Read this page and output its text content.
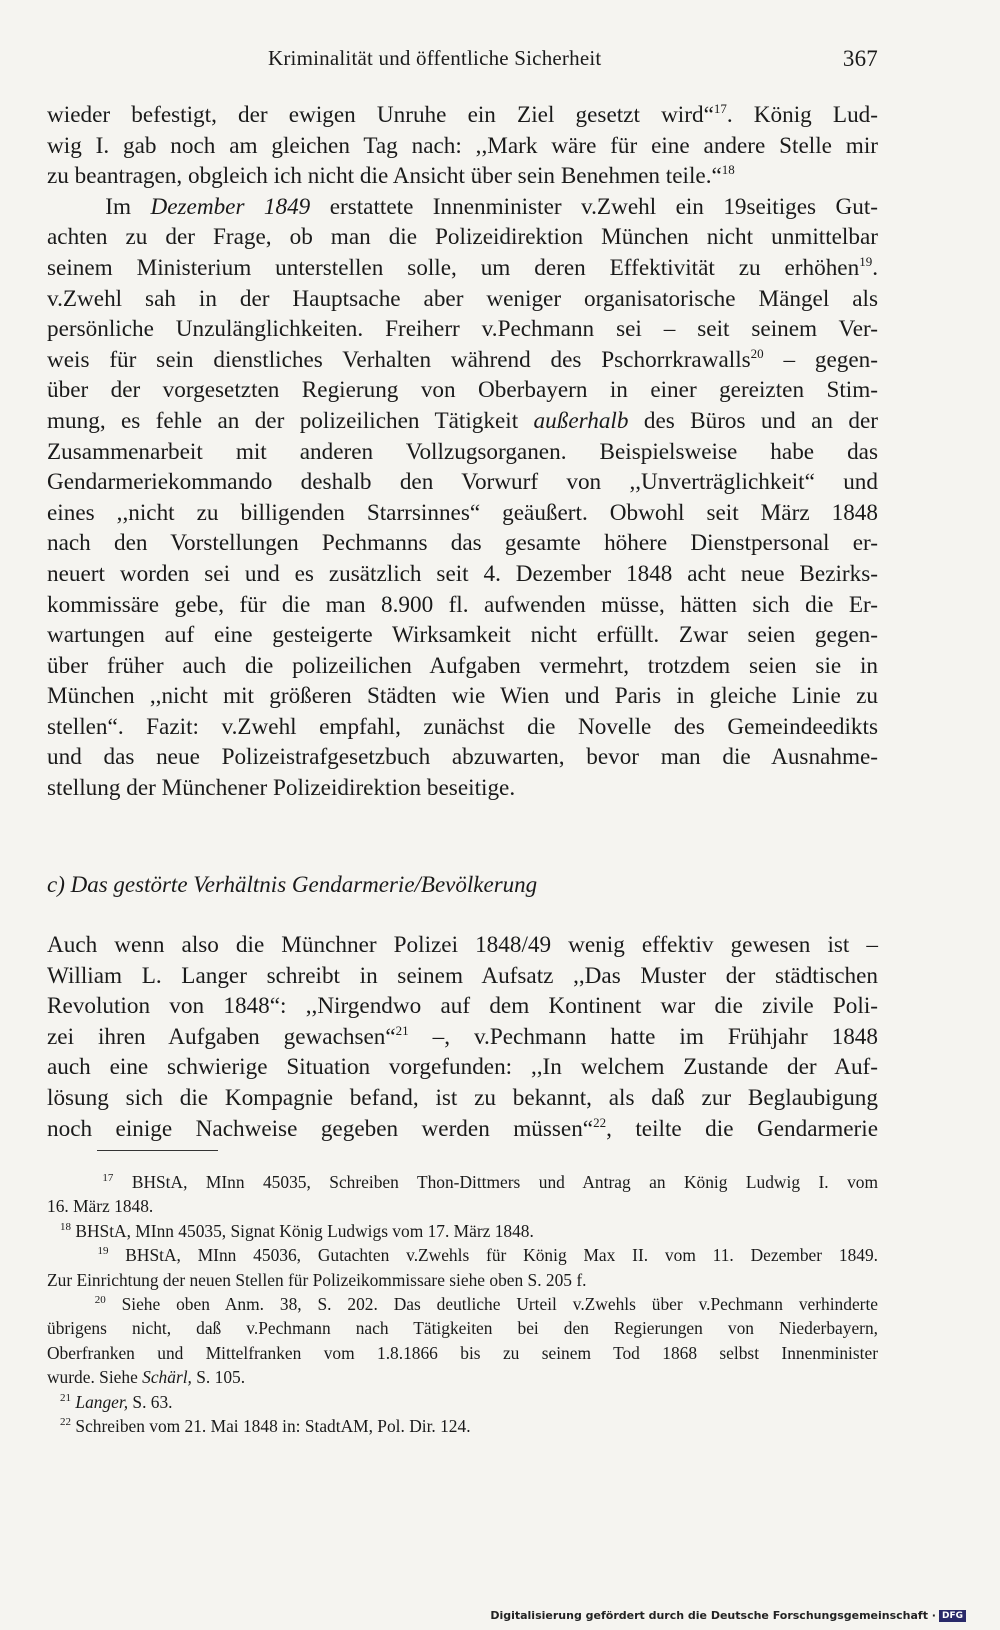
Kriminalität und öffentliche Sicherheit	367
wieder befestigt, der ewigen Unruhe ein Ziel gesetzt wird“$^{17}$. König Lud-
wig I. gab noch am gleichen Tag nach: ,,Mark wäre für eine andere Stelle mir
zu beantragen, obgleich ich nicht die Ansicht über sein Benehmen teile.“$^{18}$
Im Dezember 1849 erstattete Innenminister v.Zwehl ein 19seitiges Gut-
achten zu der Frage, ob man die Polizeidirektion München nicht unmittelbar
seinem Ministerium unterstellen solle, um deren Effektivität zu erhöhen$^{19}$.
v.Zwehl sah in der Hauptsache aber weniger organisatorische Mängel als
persönliche Unzulänglichkeiten. Freiherr v.Pechmann sei – seit seinem Ver-
weis für sein dienstliches Verhalten während des Pschorrkrawalls$^{20}$ – gegen-
über der vorgesetzten Regierung von Oberbayern in einer gereizten Stim-
mung, es fehle an der polizeilichen Tätigkeit außerhalb des Büros und an der
Zusammenarbeit mit anderen Vollzugsorganen. Beispielsweise habe das
Gendarmeriekommando deshalb den Vorwurf von ,,Unverträglichkeit“ und
eines ,,nicht zu billigenden Starrsinnes“ geäußert. Obwohl seit März 1848
nach den Vorstellungen Pechmanns das gesamte höhere Dienstpersonal er-
neuert worden sei und es zusätzlich seit 4. Dezember 1848 acht neue Bezirks-
kommissäre gebe, für die man 8.900 fl. aufwenden müsse, hätten sich die Er-
wartungen auf eine gesteigerte Wirksamkeit nicht erfüllt. Zwar seien gegen-
über früher auch die polizeilichen Aufgaben vermehrt, trotzdem seien sie in
München ,,nicht mit größeren Städten wie Wien und Paris in gleiche Linie zu
stellen“. Fazit: v.Zwehl empfahl, zunächst die Novelle des Gemeindeedikts
und das neue Polizeistrafgesetzbuch abzuwarten, bevor man die Ausnahme-
stellung der Münchener Polizeidirektion beseitige.
c) Das gestörte Verhältnis Gendarmerie/Bevölkerung
Auch wenn also die Münchner Polizei 1848/49 wenig effektiv gewesen ist –
William L. Langer schreibt in seinem Aufsatz ,,Das Muster der städtischen
Revolution von 1848“: ,,Nirgendwo auf dem Kontinent war die zivile Poli-
zei ihren Aufgaben gewachsen“$^{21}$ –, v.Pechmann hatte im Frühjahr 1848
auch eine schwierige Situation vorgefunden: ,,In welchem Zustande der Auf-
lösung sich die Kompagnie befand, ist zu bekannt, als daß zur Beglaubigung
noch einige Nachweise gegeben werden müssen“$^{22}$, teilte die Gendarmerie
$^{17}$ BHStA, MInn 45035, Schreiben Thon-Dittmers und Antrag an König Ludwig I. vom
16. März 1848.
$^{18}$ BHStA, MInn 45035, Signat König Ludwigs vom 17. März 1848.
$^{19}$ BHStA, MInn 45036, Gutachten v.Zwehls für König Max II. vom 11. Dezember 1849.
Zur Einrichtung der neuen Stellen für Polizeikommissare siehe oben S. 205 f.
$^{20}$ Siehe oben Anm. 38, S. 202. Das deutliche Urteil v.Zwehls über v.Pechmann verhinderte
übrigens nicht, daß v.Pechmann nach Tätigkeiten bei den Regierungen von Niederbayern,
Oberfranken und Mittelfranken vom 1.8.1866 bis zu seinem Tod 1868 selbst Innenminister
wurde. Siehe Schärl, S. 105.
$^{21}$ Langer, S. 63.
$^{22}$ Schreiben vom 21. Mai 1848 in: StadtAM, Pol. Dir. 124.
Digitalisierung gefördert durch die Deutsche Forschungsgemeinschaft · DFG
